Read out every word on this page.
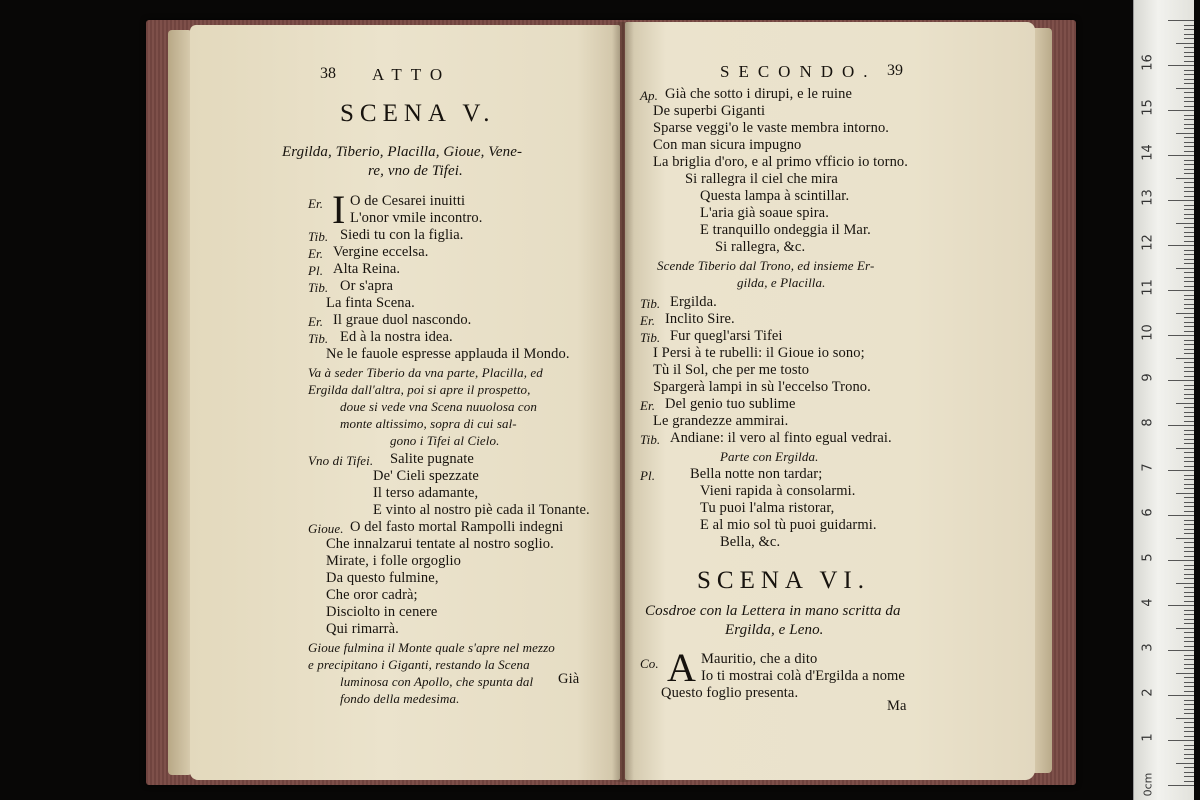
38 ATTO
SCENA V.
Ergilda, Tiberio, Placilla, Gioue, Vene-
re, vno de Tifei.
Er. I O de Cesarei inuitti
L'onor vmile incontro.
Tib. Siedi tu con la figlia.
Er. Vergine eccelsa.
Pl. Alta Reina.
Tib. Or s'apra
La finta Scena.
Er. Il graue duol nascondo.
Tib. Ed à la nostra idea.
Ne le fauole espresse applauda il Mondo.
Va à seder Tiberio da vna parte, Placilla, ed
Ergilda dall'altra, poi si apre il prospetto,
doue si vede vna Scena nuuolosa con
monte altissimo, sopra di cui sal-
gono i Tifei al Cielo.
Vno di Tifei. Salite pugnate
De' Cieli spezzate
Il terso adamante,
E vinto al nostro piè cada il Tonante.
Gioue. O del fasto mortal Rampolli indegni
Che innalzarui tentate al nostro soglio.
Mirate, i folle orgoglio
Da questo fulmine,
Che oror cadrà;
Disciolto in cenere
Qui rimarrà.
Gioue fulmina il Monte quale s'apre nel mezzo
e precipitano i Giganti, restando la Scena
luminosa con Apollo, che spunta dal
fondo della medesima.
Già
SECONDO. 39
Ap. Già che sotto i dirupi, e le ruine
De superbi Giganti
Sparse veggi'o le vaste membra intorno.
Con man sicura impugno
La briglia d'oro, e al primo vfficio io torno.
Si rallegra il ciel che mira
Questa lampa à scintillar.
L'aria già soaue spira.
E tranquillo ondeggia il Mar.
Si rallegra, &c.
Scende Tiberio dal Trono, ed insieme Er-
gilda, e Placilla.
Tib. Ergilda.
Er. Inclito Sire.
Tib. Fur quegl'arsi Tifei
I Persi à te rubelli: il Gioue io sono;
Tù il Sol, che per me tosto
Spargerà lampi in sù l'eccelso Trono.
Er. Del genio tuo sublime
Le grandezze ammirai.
Tib. Andiane: il vero al finto egual vedrai.
Parte con Ergilda.
Pl. Bella notte non tardar;
Vieni rapida à consolarmi.
Tu puoi l'alma ristorar,
E al mio sol tù puoi guidarmi.
Bella, &c.
SCENA VI.
Cosdroe con la Lettera in mano scritta da
Ergilda, e Leno.
Co. A Mauritio, che a dito
Io ti mostrai colà d'Ergilda a nome
Questo foglio presenta.
Ma
0cm
1
2
3
4
5
6
7
8
9
10
11
12
13
14
15
16
